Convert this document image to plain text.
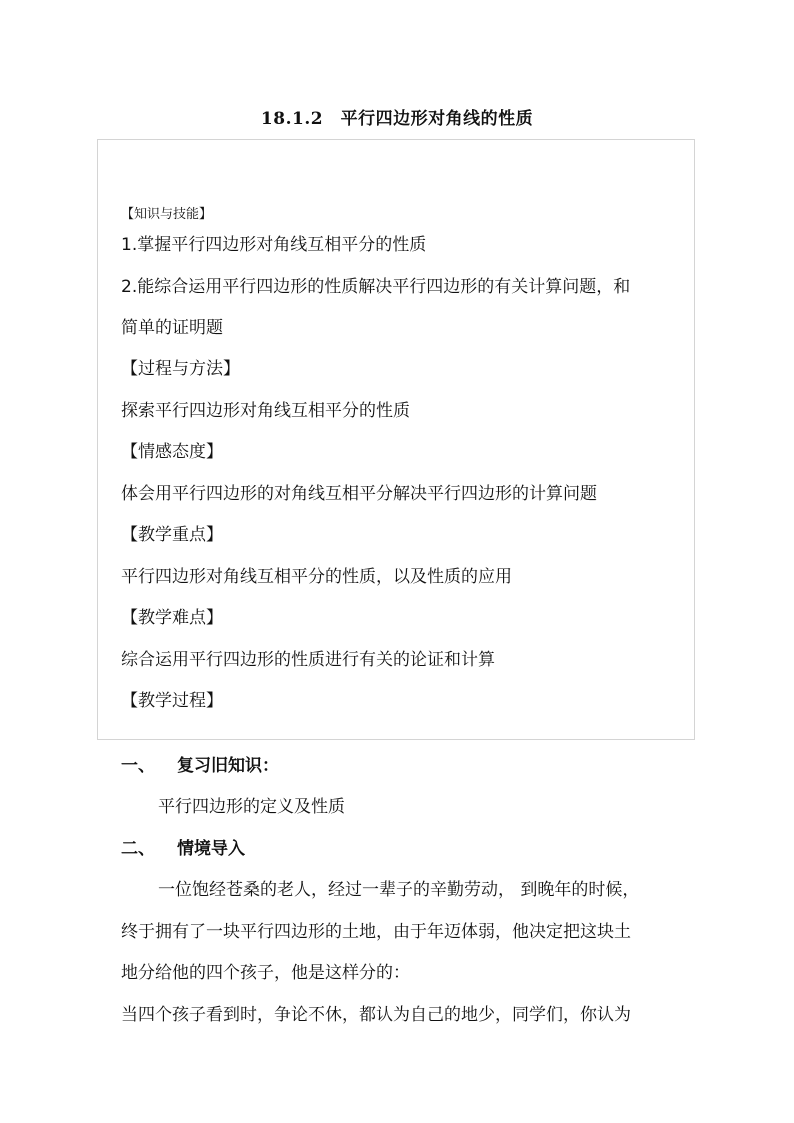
18.1.2　平行四边形对角线的性质
【知识与技能】
1.掌握平行四边形对角线互相平分的性质
2.能综合运用平行四边形的性质解决平行四边形的有关计算问题，和
简单的证明题
【过程与方法】
探索平行四边形对角线互相平分的性质
【情感态度】
体会用平行四边形的对角线互相平分解决平行四边形的计算问题
【教学重点】
平行四边形对角线互相平分的性质，以及性质的应用
【教学难点】
综合运用平行四边形的性质进行有关的论证和计算
【教学过程】
一、 复习旧知识：
平行四边形的定义及性质
二、 情境导入
一位饱经苍桑的老人，经过一辈子的辛勤劳动， 到晚年的时候，
终于拥有了一块平行四边形的土地，由于年迈体弱，他决定把这块土
地分给他的四个孩子，他是这样分的：
当四个孩子看到时，争论不休，都认为自己的地少，同学们，你认为
